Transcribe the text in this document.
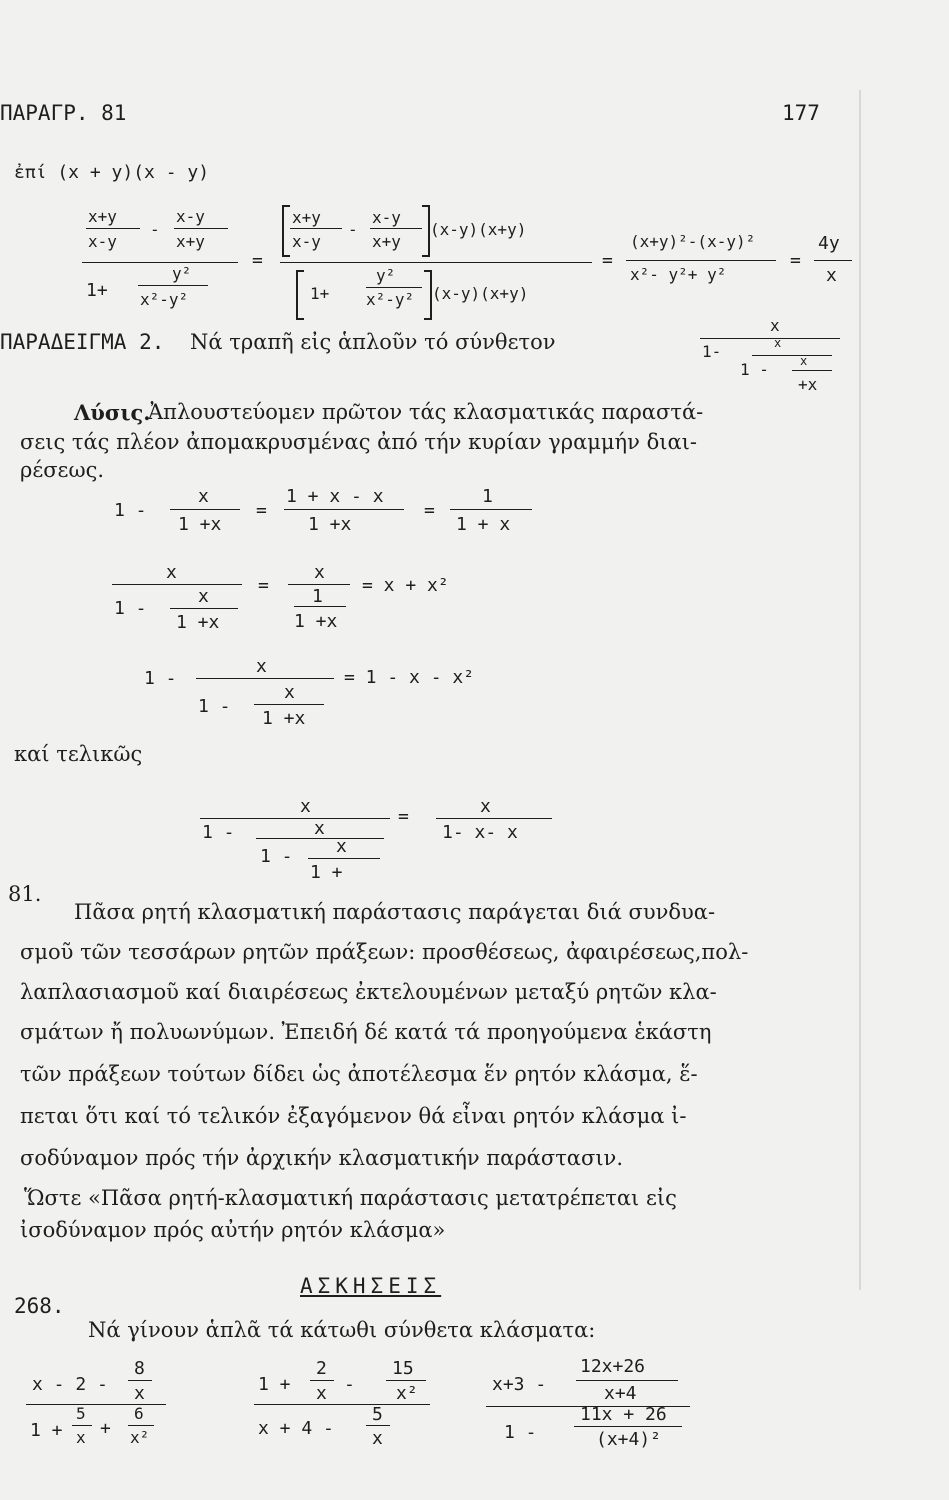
ΠΑΡΑΓΡ. 81	177
ἐπί (x + y)(x - y)
x+y
x-y
-
x-y
x+y
1+
y²
x²-y²
=
x+y
x-y
-
x-y
x+y
(x-y)(x+y)
1+
y²
x²-y² (x-y)(x+y)
=
(x+y)²-(x-y)²
x²- y²+ y²
=
4y
x
ΠΑΡΑΔΕΙΓΜΑ 2. Νά τραπῆ εἰς ἁπλοῦν τό σύνθετον
x
1-	x
1 -	x
+x
Λύσις.
Ἀπλουστεύομεν πρῶτον τάς κλασματικάς παραστά-
σεις τάς πλέον ἀπομακρυσμένας ἀπό τήν κυρίαν γραμμήν διαι-
ρέσεως.
1 -
x
1 +x
=
1 + x - x
1 +x
=
1
1 + x
x
1 -
x
1 +x
=
x
1
1 +x
= x + x²
1 -
x
1 -
x
1 +x
= 1 - x - x²
καί τελικῶς
x
1 -	x
1 - x
1 +
=	x
1- x- x
81.
Πᾶσα ρητή κλασματική παράστασις παράγεται διά συνδυα-
σμοῦ τῶν τεσσάρων ρητῶν πράξεων: προσθέσεως, ἀφαιρέσεως,πολ-
λαπλασιασμοῦ καί διαιρέσεως ἐκτελουμένων μεταξύ ρητῶν κλα-
σμάτων ἤ πολυωνύμων. Ἐπειδή δέ κατά τά προηγούμενα ἑκάστη
τῶν πράξεων τούτων δίδει ὡς ἀποτέλεσμα ἕν ρητόν κλάσμα, ἕ-
πεται ὅτι καί τό τελικόν ἐξαγόμενον θά εἶναι ρητόν κλάσμα ἰ-
σοδύναμον πρός τήν ἀρχικήν κλασματικήν παράστασιν.
Ὥστε «Πᾶσα ρητή-κλασματική παράστασις μετατρέπεται εἰς
ἰσοδύναμον πρός αὐτήν ρητόν κλάσμα»
ΑΣΚΗΣΕΙΣ
268.
Νά γίνουν ἁπλᾶ τά κάτωθι σύνθετα κλάσματα:
x - 2 -
8
x
1 +
5
x +
6
x²
1 +
2
x -
15
x²
x + 4 -
5
x
x+3 -
12x+26
x+4
1 -
11x + 26
(x+4)²
